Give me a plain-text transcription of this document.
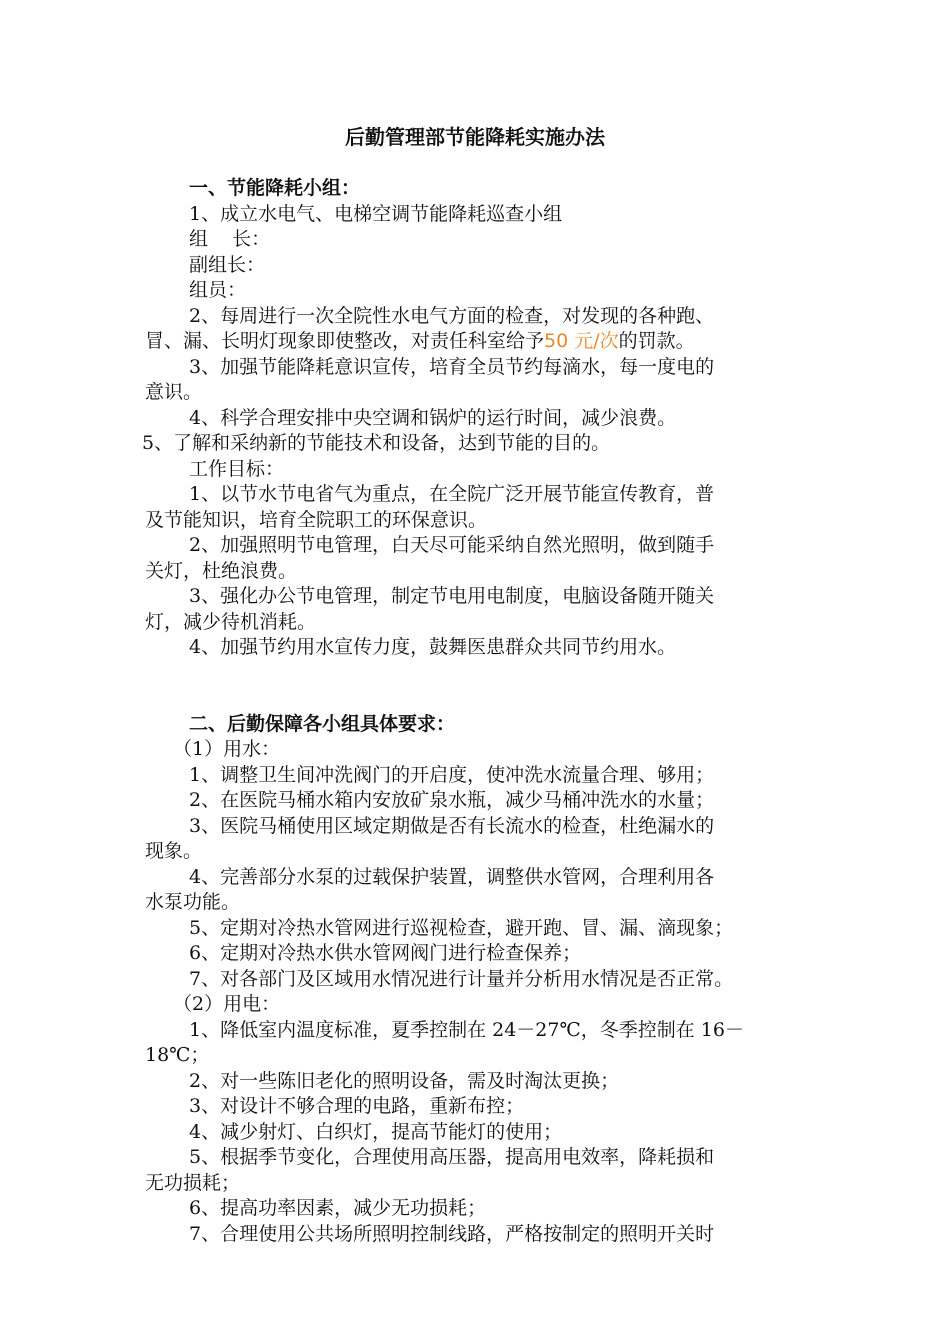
后勤管理部节能降耗实施办法

一、节能降耗小组：

1、成立水电气、电梯空调节能降耗巡查小组

组    长：

副组长：

组员：

2、每周进行一次全院性水电气方面的检查，对发现的各种跑、

冒、漏、长明灯现象即使整改，对责任科室给予50 元/次的罚款。

3、加强节能降耗意识宣传，培育全员节约每滴水，每一度电的

意识。

4、科学合理安排中央空调和锅炉的运行时间，减少浪费。

5、了解和采纳新的节能技术和设备，达到节能的目的。

工作目标：

1、以节水节电省气为重点，在全院广泛开展节能宣传教育，普

及节能知识，培育全院职工的环保意识。

2、加强照明节电管理，白天尽可能采纳自然光照明，做到随手

关灯，杜绝浪费。

3、强化办公节电管理，制定节电用电制度，电脑设备随开随关

灯，减少待机消耗。

4、加强节约用水宣传力度，鼓舞医患群众共同节约用水。

二、后勤保障各小组具体要求：

（1）用水：

1、调整卫生间冲洗阀门的开启度，使冲洗水流量合理、够用；

2、在医院马桶水箱内安放矿泉水瓶，减少马桶冲洗水的水量；

3、医院马桶使用区域定期做是否有长流水的检查，杜绝漏水的

现象。

4、完善部分水泵的过载保护装置，调整供水管网，合理利用各

水泵功能。

5、定期对冷热水管网进行巡视检查，避开跑、冒、漏、滴现象；

6、定期对冷热水供水管网阀门进行检查保养；

7、对各部门及区域用水情况进行计量并分析用水情况是否正常。

（2）用电：

1、降低室内温度标准，夏季控制在 24－27℃，冬季控制在 16－

18℃；

2、对一些陈旧老化的照明设备，需及时淘汰更换；

3、对设计不够合理的电路，重新布控；

4、减少射灯、白织灯，提高节能灯的使用；

5、根据季节变化，合理使用高压器，提高用电效率，降耗损和

无功损耗；

6、提高功率因素，减少无功损耗；

7、合理使用公共场所照明控制线路，严格按制定的照明开关时
